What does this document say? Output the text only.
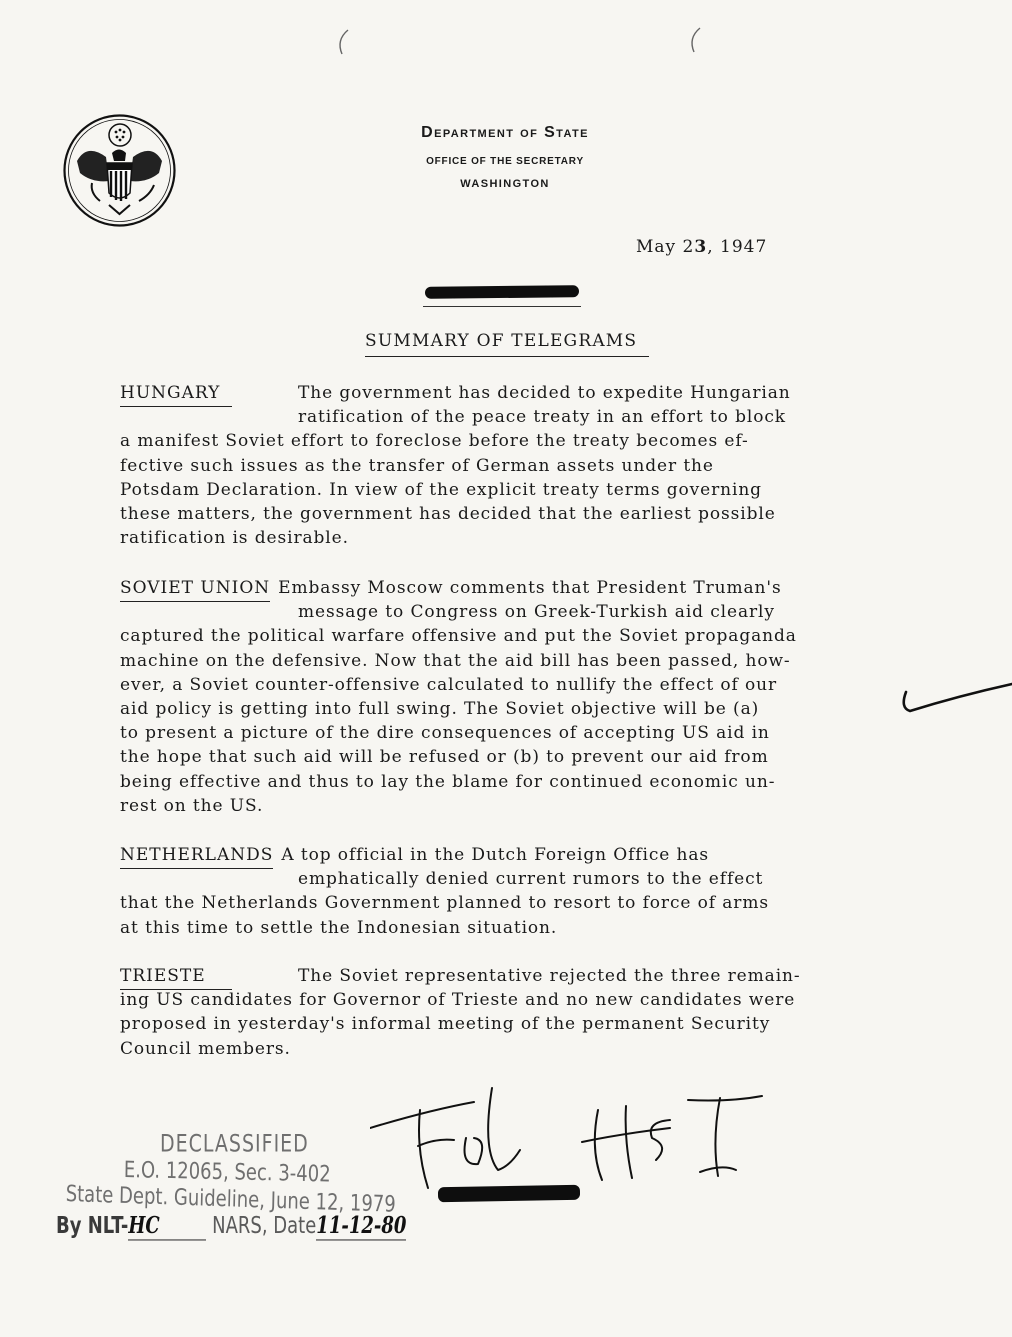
Department of State
OFFICE OF THE SECRETARY
WASHINGTON
May 23, 1947
SUMMARY OF TELEGRAMS
HUNGARY	The government has decided to expedite Hungarian
ratification of the peace treaty in an effort to block
a manifest Soviet effort to foreclose before the treaty becomes ef-
fective such issues as the transfer of German assets under the
Potsdam Declaration. In view of the explicit treaty terms governing
these matters, the government has decided that the earliest possible
ratification is desirable.
SOVIET UNION Embassy Moscow comments that President Truman's
message to Congress on Greek-Turkish aid clearly
captured the political warfare offensive and put the Soviet propaganda
machine on the defensive. Now that the aid bill has been passed, how-
ever, a Soviet counter-offensive calculated to nullify the effect of our
aid policy is getting into full swing. The Soviet objective will be (a)
to present a picture of the dire consequences of accepting US aid in
the hope that such aid will be refused or (b) to prevent our aid from
being effective and thus to lay the blame for continued economic un-
rest on the US.
NETHERLANDS A top official in the Dutch Foreign Office has
emphatically denied current rumors to the effect
that the Netherlands Government planned to resort to force of arms
at this time to settle the Indonesian situation.
TRIESTE	The Soviet representative rejected the three remain-
ing US candidates for Governor of Trieste and no new candidates were
proposed in yesterday's informal meeting of the permanent Security
Council members.
DECLASSIFIED
E.O. 12065, Sec. 3-402
State Dept. Guideline, June 12, 1979
By NLT-HC	NARS, Date11-12-80
